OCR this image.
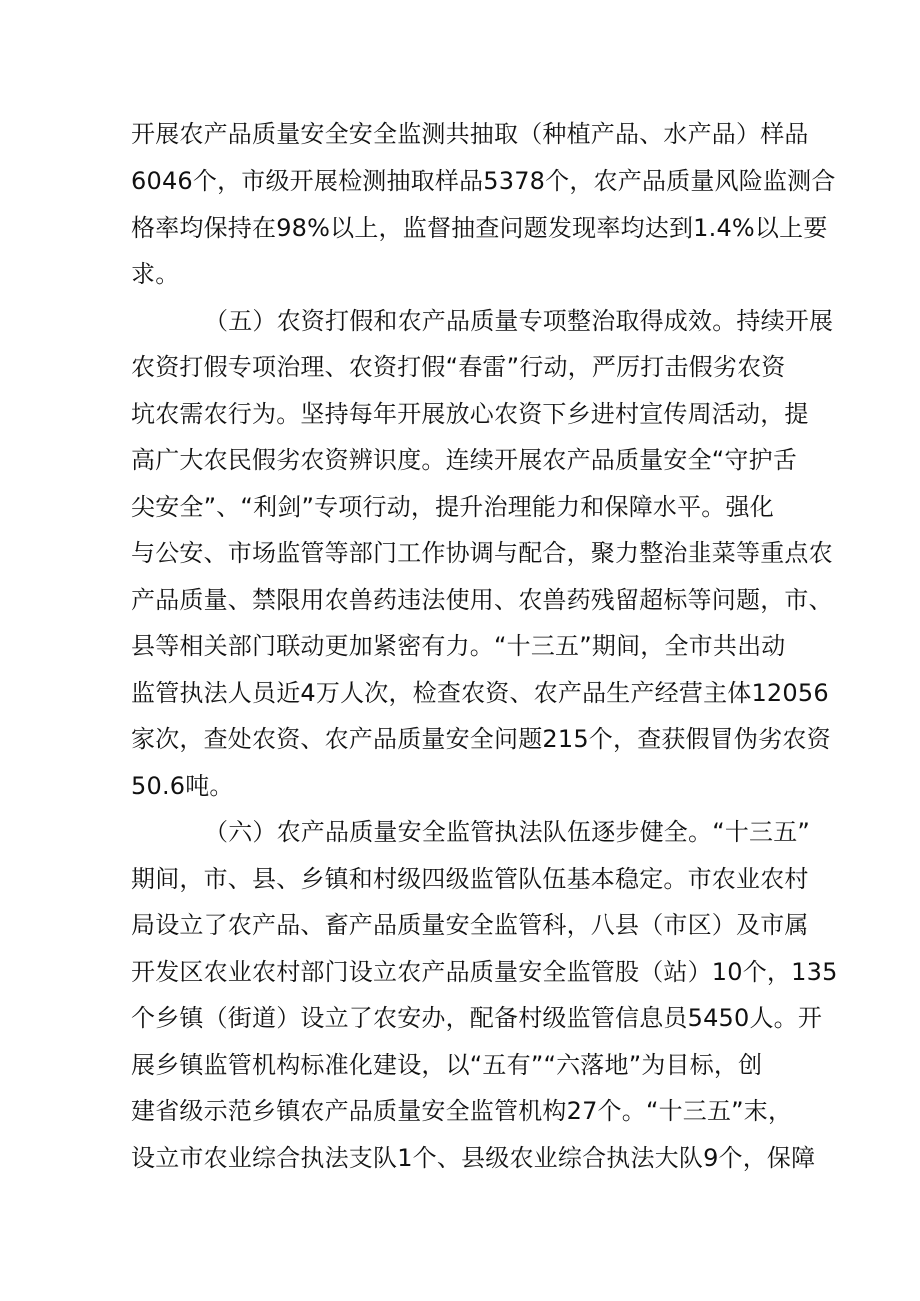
开展农产品质量安全安全监测共抽取（种植产品、水产品）样品
6046个，市级开展检测抽取样品5378个，农产品质量风险监测合
格率均保持在98%以上，监督抽查问题发现率均达到1.4%以上要
求。
（五）农资打假和农产品质量专项整治取得成效。持续开展
农资打假专项治理、农资打假“春雷”行动，严厉打击假劣农资
坑农需农行为。坚持每年开展放心农资下乡进村宣传周活动，提
高广大农民假劣农资辨识度。连续开展农产品质量安全“守护舌
尖安全”、“利剑”专项行动，提升治理能力和保障水平。强化
与公安、市场监管等部门工作协调与配合，聚力整治韭菜等重点农
产品质量、禁限用农兽药违法使用、农兽药残留超标等问题，市、
县等相关部门联动更加紧密有力。“十三五”期间，全市共出动
监管执法人员近4万人次，检查农资、农产品生产经营主体12056
家次，查处农资、农产品质量安全问题215个，查获假冒伪劣农资
50.6吨。
（六）农产品质量安全监管执法队伍逐步健全。“十三五”
期间，市、县、乡镇和村级四级监管队伍基本稳定。市农业农村
局设立了农产品、畜产品质量安全监管科，八县（市区）及市属
开发区农业农村部门设立农产品质量安全监管股（站）10个，135
个乡镇（街道）设立了农安办，配备村级监管信息员5450人。开
展乡镇监管机构标准化建设，以“五有”“六落地”为目标，创
建省级示范乡镇农产品质量安全监管机构27个。“十三五”末，
设立市农业综合执法支队1个、县级农业综合执法大队9个，保障
